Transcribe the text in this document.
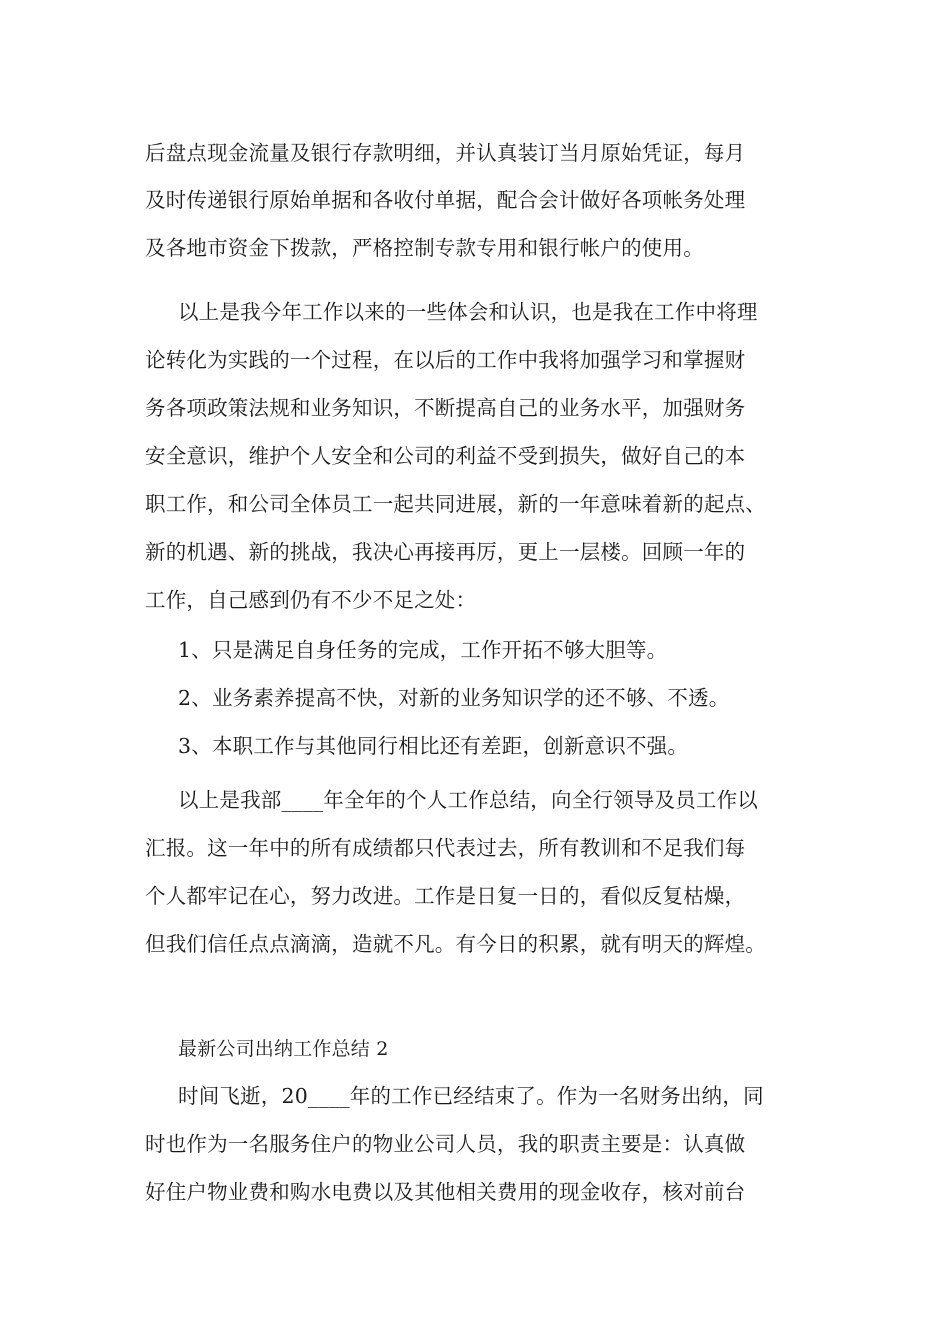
后盘点现金流量及银行存款明细，并认真装订当月原始凭证，每月
及时传递银行原始单据和各收付单据，配合会计做好各项帐务处理
及各地市资金下拨款，严格控制专款专用和银行帐户的使用。
以上是我今年工作以来的一些体会和认识，也是我在工作中将理
论转化为实践的一个过程，在以后的工作中我将加强学习和掌握财
务各项政策法规和业务知识，不断提高自己的业务水平，加强财务
安全意识，维护个人安全和公司的利益不受到损失，做好自己的本
职工作，和公司全体员工一起共同进展，新的一年意味着新的起点、
新的机遇、新的挑战，我决心再接再厉，更上一层楼。回顾一年的
工作，自己感到仍有不少不足之处：
1、只是满足自身任务的完成，工作开拓不够大胆等。
2、业务素养提高不快，对新的业务知识学的还不够、不透。
3、本职工作与其他同行相比还有差距，创新意识不强。
以上是我部____年全年的个人工作总结，向全行领导及员工作以
汇报。这一年中的所有成绩都只代表过去，所有教训和不足我们每
个人都牢记在心，努力改进。工作是日复一日的，看似反复枯燥，
但我们信任点点滴滴，造就不凡。有今日的积累，就有明天的辉煌。
最新公司出纳工作总结 2
时间飞逝，20____年的工作已经结束了。作为一名财务出纳，同
时也作为一名服务住户的物业公司人员，我的职责主要是：认真做
好住户物业费和购水电费以及其他相关费用的现金收存，核对前台
